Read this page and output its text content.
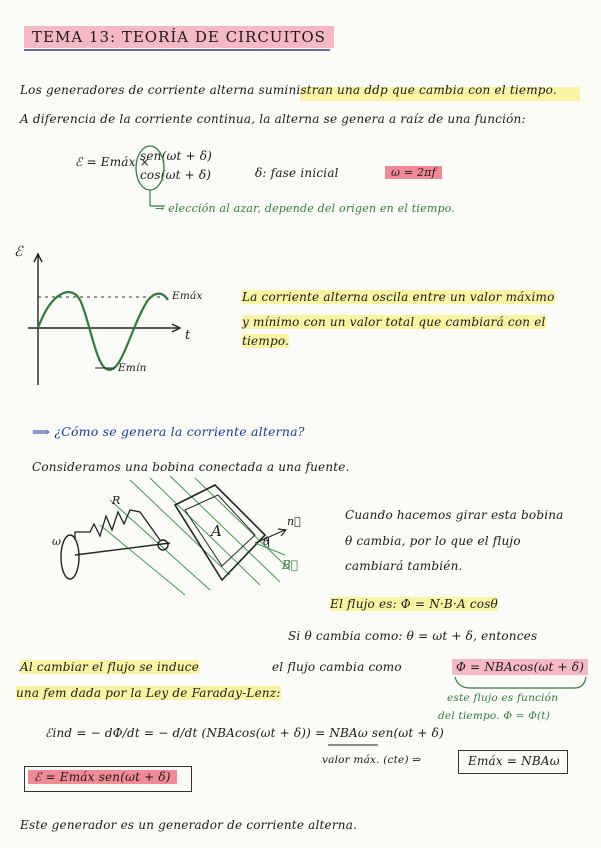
TEMA 13: TEORÍA DE CIRCUITOS
Los generadores de corriente alterna suministran una ddp que cambia con el tiempo.
A diferencia de la corriente continua, la alterna se genera a raíz de una función:
ℰ = Emáx ×
sen(ωt + δ)
cos(ωt + δ)	δ: fase inicial	ω = 2πf
→ elección al azar, depende del origen en el tiempo.
ℰ
t
Emáx
Emín
La corriente alterna oscila entre un valor máximo
y mínimo con un valor total que cambiará con el
tiempo.
⟹ ¿Cómo se genera la corriente alterna?
Consideramos una bobina conectada a una fuente.
ω
R
A
θ
n⃗
B⃗
Cuando hacemos girar esta bobina
θ cambia, por lo que el flujo
cambiará también.
El flujo es: Φ = N·B·A cosθ
Si θ cambia como: θ = ωt + δ, entonces
Al cambiar el flujo se induce
una fem dada por la Ley de Faraday-Lenz:
el flujo cambia como	Φ = NBAcos(ωt + δ)
este flujo es función
del tiempo. Φ = Φ(t)
ℰind = − dΦ/dt = − d/dt (NBAcos(ωt + δ)) = NBAω sen(ωt + δ)
valor máx. (cte) ⇒	Emáx = NBAω
ℰ = Emáx sen(ωt + δ)
Este generador es un generador de corriente alterna.
